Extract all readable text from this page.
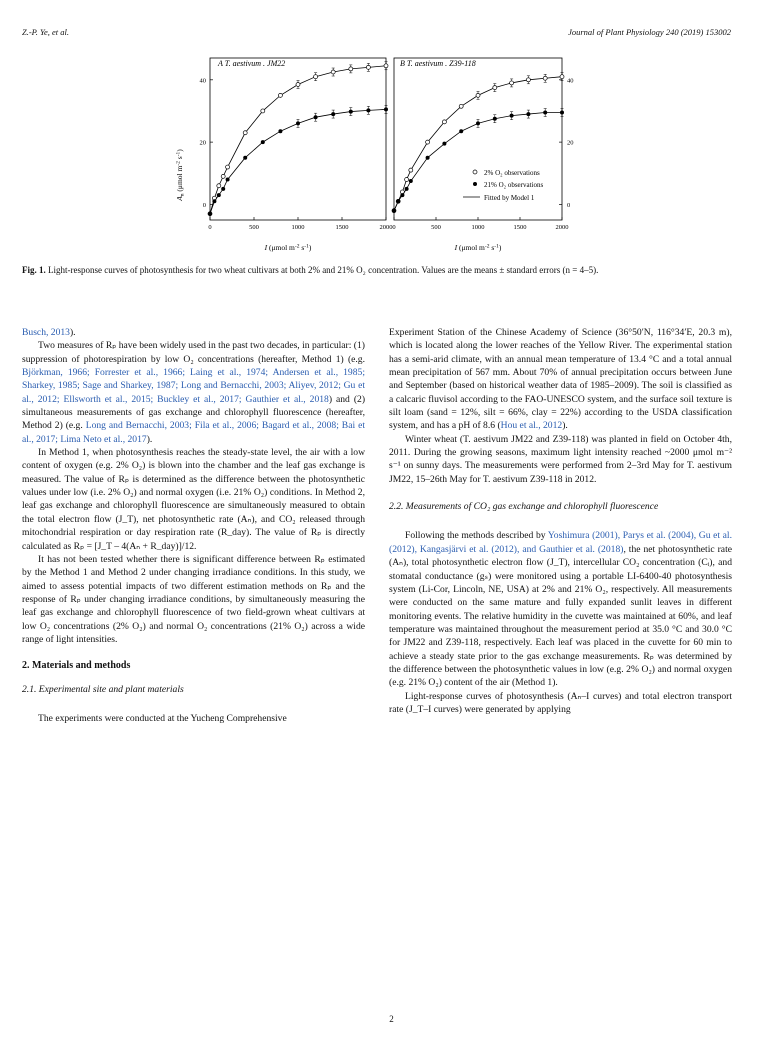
Z.-P. Ye, et al.	Journal of Plant Physiology 240 (2019) 153002
0	500	1000	1500	2000
0
20
40
0	500	1000	1500	2000
0
20
40
A T. aestivum . JM22	B T. aestivum . Z39-118
$A_n$ (μmol $m^{-2}$ $s^{-1}$)
I (μmol $m^{-2}$ $s^{-1}$)	I (μmol $m^{-2}$ $s^{-1}$)
2% O₂ observations
21% O₂ observations
Fitted by Model 1
Fig. 1. Light-response curves of photosynthesis for two wheat cultivars at both 2% and 21% O₂ concentration. Values are the means ± standard errors (n = 4–5).

Busch, 2013).

Two measures of Rₚ have been widely used in the past two decades, in particular: (1) suppression of photorespiration by low O₂ concentrations (hereafter, Method 1) (e.g. Björkman, 1966; Forrester et al., 1966; Laing et al., 1974; Andersen et al., 1985; Sharkey, 1985; Sage and Sharkey, 1987; Long and Bernacchi, 2003; Aliyev, 2012; Gu et al., 2012; Ellsworth et al., 2015; Buckley et al., 2017; Gauthier et al., 2018) and (2) simultaneous measurements of gas exchange and chlorophyll fluorescence (hereafter, Method 2) (e.g. Long and Bernacchi, 2003; Fila et al., 2006; Bagard et al., 2008; Bai et al., 2017; Lima Neto et al., 2017).

In Method 1, when photosynthesis reaches the steady-state level, the air with a low content of oxygen (e.g. 2% O₂) is blown into the chamber and the leaf gas exchange is measured. The value of Rₚ is determined as the difference between the photosynthetic values under low (i.e. 2% O₂) and normal oxygen (i.e. 21% O₂) conditions. In Method 2, leaf gas exchange and chlorophyll fluorescence are simultaneously measured to obtain the total electron flow (J_T), net photosynthetic rate (Aₙ), and CO₂ released through mitochondrial respiration or day respiration rate (R_day). The value of Rₚ is directly calculated as Rₚ = [J_T – 4(Aₙ + R_day)]/12.

It has not been tested whether there is significant difference between Rₚ estimated by the Method 1 and Method 2 under changing irradiance conditions. In this study, we aimed to assess potential impacts of two different estimation methods on Rₚ and the response of Rₚ under changing irradiance conditions, by simultaneously measuring the leaf gas exchange and chlorophyll fluorescence of two field-grown wheat cultivars at low O₂ concentrations (2% O₂) and normal O₂ concentrations (21% O₂) across a wide range of light intensities.

2. Materials and methods
2.1. Experimental site and plant materials

The experiments were conducted at the Yucheng Comprehensive

Experiment Station of the Chinese Academy of Science (36°50′N, 116°34′E, 20.3 m), which is located along the lower reaches of the Yellow River. The experimental station has a semi-arid climate, with an annual mean temperature of 13.4 °C and a total annual mean precipitation of 567 mm. About 70% of annual precipitation occurs between June and September (based on historical weather data of 1985–2009). The soil is classified as a calcaric fluvisol according to the FAO-UNESCO system, and the surface soil texture is silt loam (sand = 12%, silt = 66%, clay = 22%) according to the USDA classification system, and has a pH of 8.6 (Hou et al., 2012).

Winter wheat (T. aestivum JM22 and Z39-118) was planted in field on October 4th, 2011. During the growing seasons, maximum light intensity reached ~2000 μmol m⁻² s⁻¹ on sunny days. The measurements were performed from 2–3rd May for T. aestivum JM22, 15–26th May for T. aestivum Z39-118 in 2012.

2.2. Measurements of CO₂ gas exchange and chlorophyll fluorescence

Following the methods described by Yoshimura (2001), Parys et al. (2004), Gu et al. (2012), Kangasjärvi et al. (2012), and Gauthier et al. (2018), the net photosynthetic rate (Aₙ), total photosynthetic electron flow (J_T), intercellular CO₂ concentration (Cᵢ), and stomatal conductance (gₛ) were monitored using a portable LI-6400-40 photosynthesis system (Li-Cor, Lincoln, NE, USA) at 2% and 21% O₂, respectively. All measurements were conducted on the same mature and fully expanded sunlit leaves in different monitoring events. The relative humidity in the cuvette was maintained at 60%, and leaf temperature was maintained throughout the measurement period at 35.0 °C and 30.0 °C for JM22 and Z39-118, respectively. Each leaf was placed in the cuvette for 60 min to achieve a steady state prior to the gas exchange measurements. Rₚ was determined by the difference between the photosynthetic values in low (e.g. 2% O₂) and normal oxygen (e.g. 21% O₂) content of the air (Method 1).

Light-response curves of photosynthesis (Aₙ–I curves) and total electron transport rate (J_T–I curves) were generated by applying

2
